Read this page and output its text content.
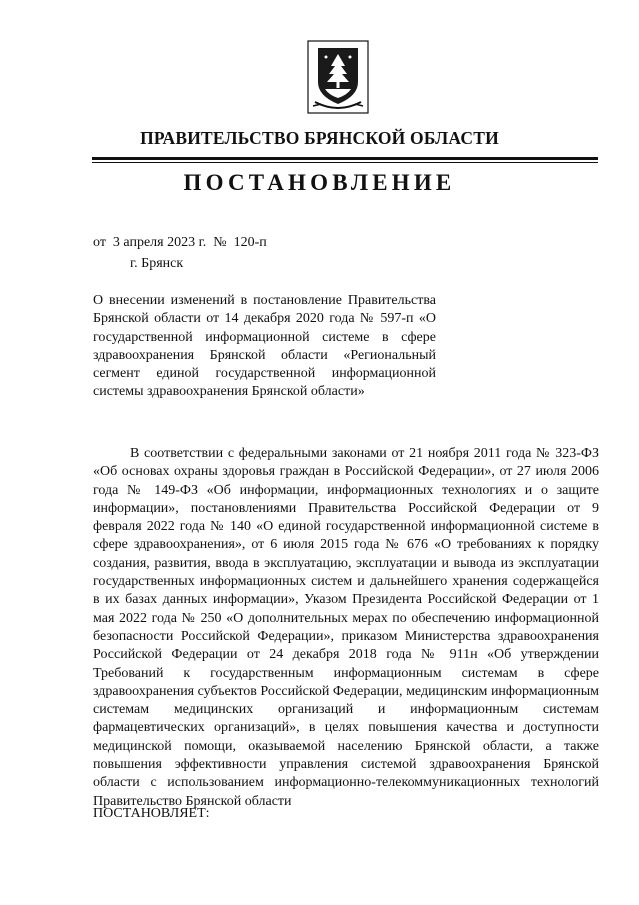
ПРАВИТЕЛЬСТВО БРЯНСКОЙ ОБЛАСТИ
ПОСТАНОВЛЕНИЕ
от  3 апреля 2023 г.  №  120-п
г. Брянск
О внесении изменений в постановление Правительства Брянской области от 14 декабря 2020 года № 597-п «О государственной информационной системе в сфере здравоохранения Брянской области «Региональный сегмент единой государственной информационной системы здравоохранения Брянской области»

В соответствии с федеральными законами от 21 ноября 2011 года № 323-ФЗ «Об основах охраны здоровья граждан в Российской Федерации», от 27 июля 2006 года № 149-ФЗ «Об информации, информационных технологиях и о защите информации», постановлениями Правительства Российской Федерации от 9 февраля 2022 года № 140 «О единой государственной информационной системе в сфере здравоохранения», от 6 июля 2015 года № 676 «О требованиях к порядку создания, развития, ввода в эксплуатацию, эксплуатации и вывода из эксплуатации государственных информационных систем и дальнейшего хранения содержащейся в их базах данных информации», Указом Президента Российской Федерации от 1 мая 2022 года № 250 «О дополнительных мерах по обеспечению информационной безопасности Российской Федерации», приказом Министерства здравоохранения Российской Федерации от 24 декабря 2018 года № 911н «Об утверждении Требований к государственным информационным системам в сфере здравоохранения субъектов Российской Федерации, медицинским информационным системам медицинских организаций и информационным системам фармацевтических организаций», в целях повышения качества и доступности медицинской помощи, оказываемой населению Брянской области, а также повышения эффективности управления системой здравоохранения Брянской области с использованием информационно-телекоммуникационных технологий Правительство Брянской области

ПОСТАНОВЛЯЕТ:
